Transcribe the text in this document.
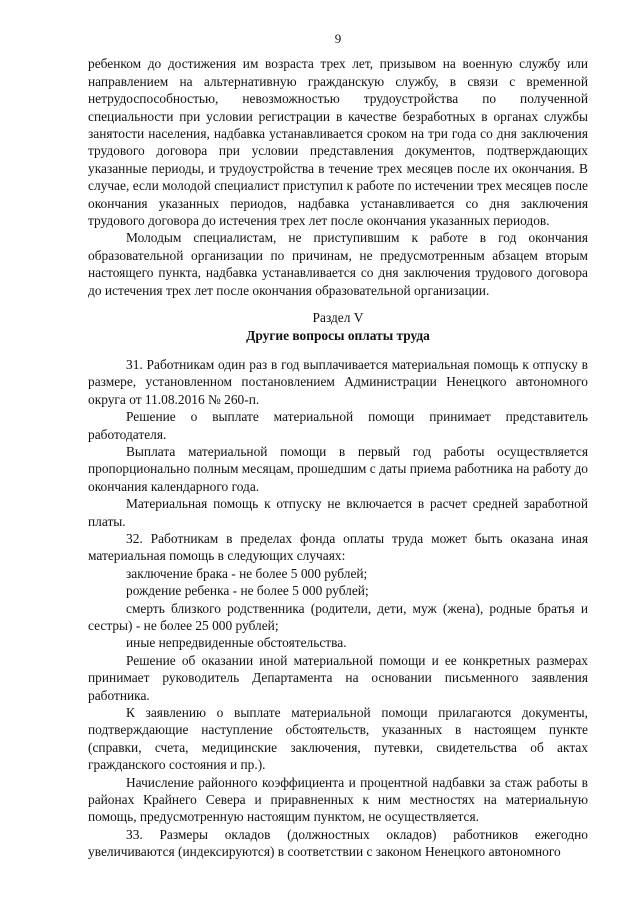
9

ребенком до достижения им возраста трех лет, призывом на военную службу или направлением на альтернативную гражданскую службу, в связи с временной нетрудоспособностью, невозможностью трудоустройства по полученной специальности при условии регистрации в качестве безработных в органах службы занятости населения, надбавка устанавливается сроком на три года со дня заключения трудового договора при условии представления документов, подтверждающих указанные периоды, и трудоустройства в течение трех месяцев после их окончания. В случае, если молодой специалист приступил к работе по истечении трех месяцев после окончания указанных периодов, надбавка устанавливается со дня заключения трудового договора до истечения трех лет после окончания указанных периодов.

Молодым специалистам, не приступившим к работе в год окончания образовательной организации по причинам, не предусмотренным абзацем вторым настоящего пункта, надбавка устанавливается со дня заключения трудового договора до истечения трех лет после окончания образовательной организации.

Раздел V
Другие вопросы оплаты труда

31. Работникам один раз в год выплачивается материальная помощь к отпуску в размере, установленном постановлением Администрации Ненецкого автономного округа от 11.08.2016 № 260-п.

Решение о выплате материальной помощи принимает представитель работодателя.

Выплата материальной помощи в первый год работы осуществляется пропорционально полным месяцам, прошедшим с даты приема работника на работу до окончания календарного года.

Материальная помощь к отпуску не включается в расчет средней заработной платы.

32. Работникам в пределах фонда оплаты труда может быть оказана иная материальная помощь в следующих случаях:

заключение брака - не более 5 000 рублей;

рождение ребенка - не более 5 000 рублей;

смерть близкого родственника (родители, дети, муж (жена), родные братья и сестры) - не более 25 000 рублей;

иные непредвиденные обстоятельства.

Решение об оказании иной материальной помощи и ее конкретных размерах принимает руководитель Департамента на основании письменного заявления работника.

К заявлению о выплате материальной помощи прилагаются документы, подтверждающие наступление обстоятельств, указанных в настоящем пункте (справки, счета, медицинские заключения, путевки, свидетельства об актах гражданского состояния и пр.).

Начисление районного коэффициента и процентной надбавки за стаж работы в районах Крайнего Севера и приравненных к ним местностях на материальную помощь, предусмотренную настоящим пунктом, не осуществляется.

33. Размеры окладов (должностных окладов) работников ежегодно увеличиваются (индексируются) в соответствии с законом Ненецкого автономного
